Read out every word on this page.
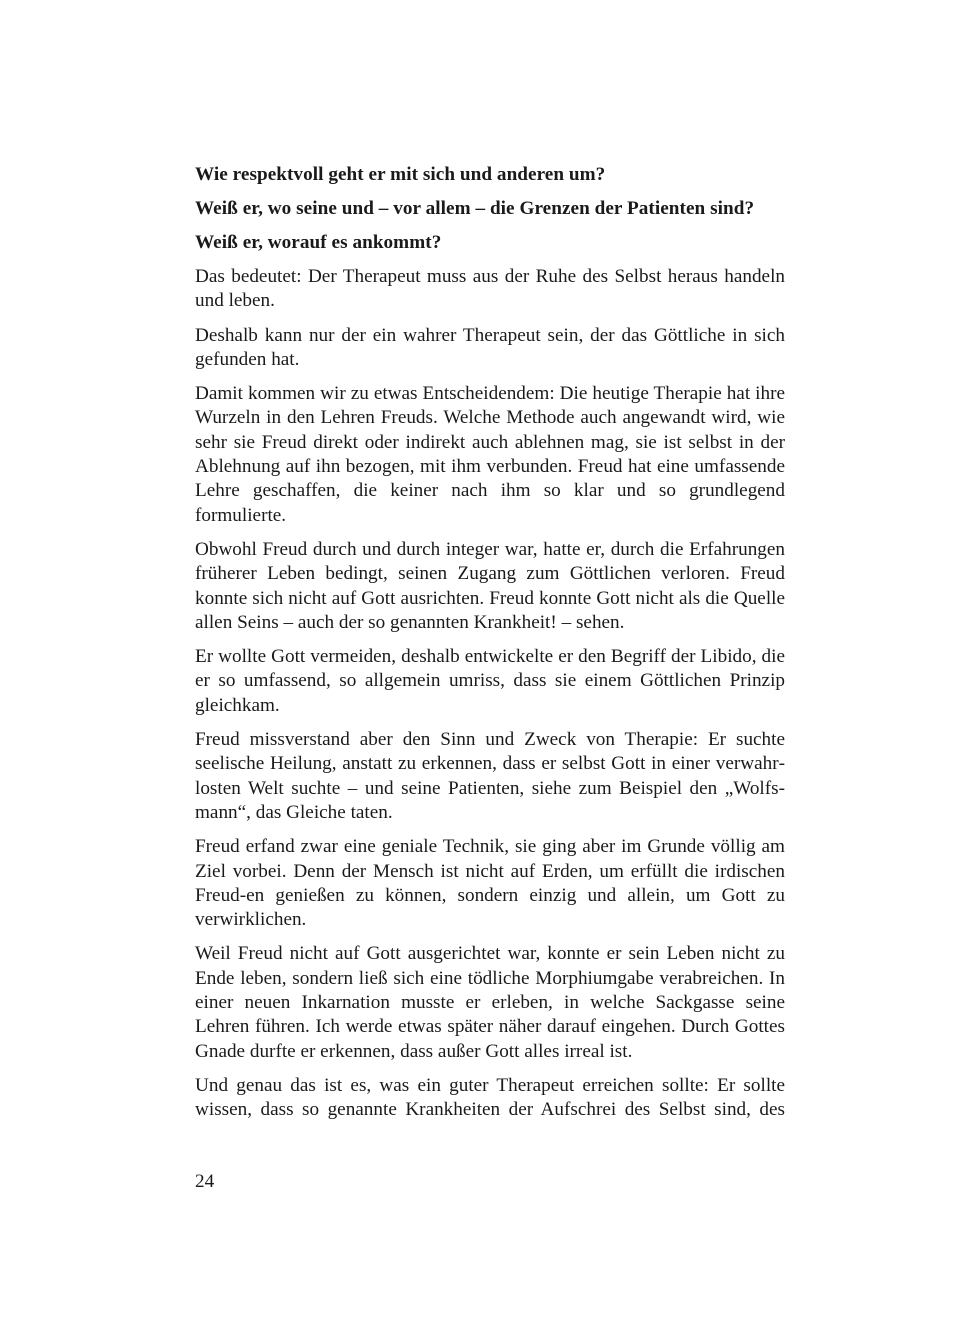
Wie respektvoll geht er mit sich und anderen um?

Weiß er, wo seine und – vor allem – die Grenzen der Patienten sind?

Weiß er, worauf es ankommt?

Das bedeutet: Der Therapeut muss aus der Ruhe des Selbst heraus handeln und leben.

Deshalb kann nur der ein wahrer Therapeut sein, der das Göttliche in sich gefunden hat.

Damit kommen wir zu etwas Entscheidendem: Die heutige Therapie hat ihre Wurzeln in den Lehren Freuds. Welche Methode auch angewandt wird, wie sehr sie Freud direkt oder indirekt auch ablehnen mag, sie ist selbst in der Ablehnung auf ihn bezogen, mit ihm verbunden. Freud hat eine umfassende Lehre geschaffen, die keiner nach ihm so klar und so grundlegend formulierte.

Obwohl Freud durch und durch integer war, hatte er, durch die Erfahrungen früherer Leben bedingt, seinen Zugang zum Göttlichen verloren. Freud konnte sich nicht auf Gott ausrichten. Freud konnte Gott nicht als die Quelle allen Seins – auch der so genannten Krankheit! – sehen.

Er wollte Gott vermeiden, deshalb entwickelte er den Begriff der Libido, die er so umfassend, so allgemein umriss, dass sie einem Göttlichen Prinzip gleichkam.

Freud missverstand aber den Sinn und Zweck von Therapie: Er suchte seelische Heilung, anstatt zu erkennen, dass er selbst Gott in einer verwahrlosten Welt suchte – und seine Patienten, siehe zum Beispiel den „Wolfsmann“, das Gleiche taten.

Freud erfand zwar eine geniale Technik, sie ging aber im Grunde völlig am Ziel vorbei. Denn der Mensch ist nicht auf Erden, um erfüllt die irdischen Freud-en genießen zu können, sondern einzig und allein, um Gott zu verwirklichen.

Weil Freud nicht auf Gott ausgerichtet war, konnte er sein Leben nicht zu Ende leben, sondern ließ sich eine tödliche Morphiumgabe verabreichen. In einer neuen Inkarnation musste er erleben, in welche Sackgasse seine Lehren führen. Ich werde etwas später näher darauf eingehen. Durch Gottes Gnade durfte er erkennen, dass außer Gott alles irreal ist.

Und genau das ist es, was ein guter Therapeut erreichen sollte: Er sollte wissen, dass so genannte Krankheiten der Aufschrei des Selbst sind, des

24
